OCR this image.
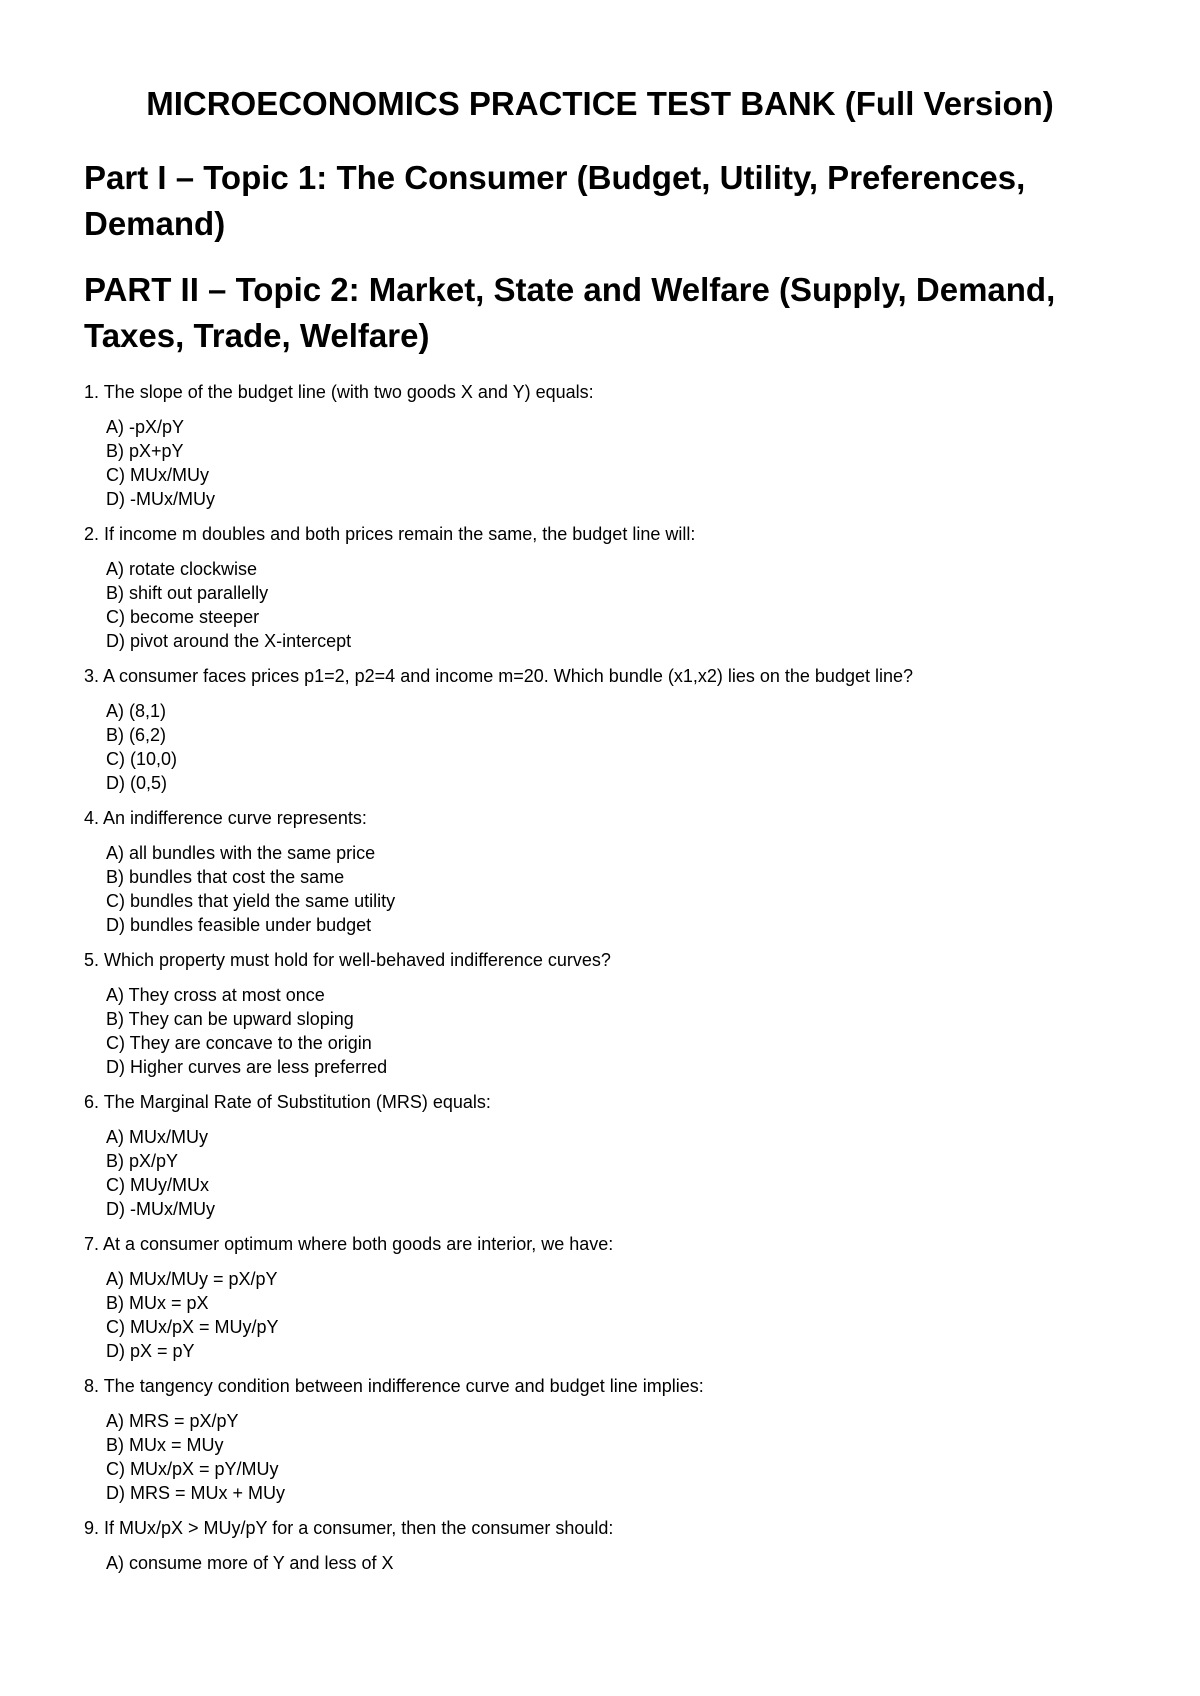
MICROECONOMICS PRACTICE TEST BANK (Full Version)
Part I – Topic 1: The Consumer (Budget, Utility, Preferences, Demand)
PART II – Topic 2: Market, State and Welfare (Supply, Demand, Taxes, Trade, Welfare)
1. The slope of the budget line (with two goods X and Y) equals:
A) -pX/pY
B) pX+pY
C) MUx/MUy
D) -MUx/MUy
2. If income m doubles and both prices remain the same, the budget line will:
A) rotate clockwise
B) shift out parallelly
C) become steeper
D) pivot around the X-intercept
3. A consumer faces prices p1=2, p2=4 and income m=20. Which bundle (x1,x2) lies on the budget line?
A) (8,1)
B) (6,2)
C) (10,0)
D) (0,5)
4. An indifference curve represents:
A) all bundles with the same price
B) bundles that cost the same
C) bundles that yield the same utility
D) bundles feasible under budget
5. Which property must hold for well-behaved indifference curves?
A) They cross at most once
B) They can be upward sloping
C) They are concave to the origin
D) Higher curves are less preferred
6. The Marginal Rate of Substitution (MRS) equals:
A) MUx/MUy
B) pX/pY
C) MUy/MUx
D) -MUx/MUy
7. At a consumer optimum where both goods are interior, we have:
A) MUx/MUy = pX/pY
B) MUx = pX
C) MUx/pX = MUy/pY
D) pX = pY
8. The tangency condition between indifference curve and budget line implies:
A) MRS = pX/pY
B) MUx = MUy
C) MUx/pX = pY/MUy
D) MRS = MUx + MUy
9. If MUx/pX > MUy/pY for a consumer, then the consumer should:
A) consume more of Y and less of X
